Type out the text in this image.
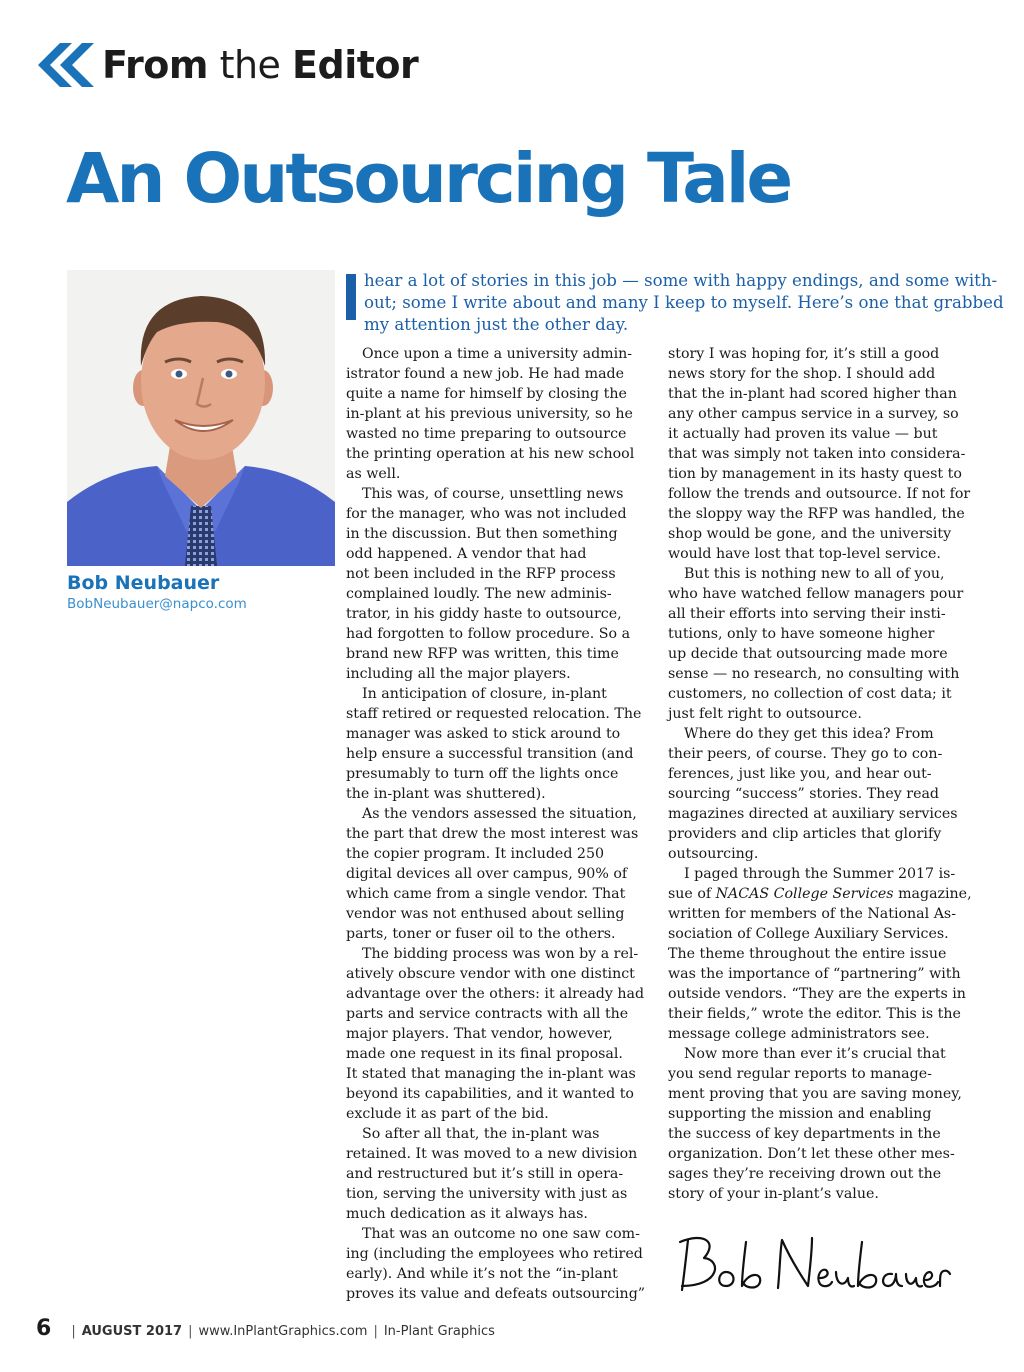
From the Editor
An Outsourcing Tale
Bob Neubauer
BobNeubauer@napco.com

hear a lot of stories in this job — some with happy endings, and some with-

out; some I write about and many I keep to myself. Here’s one that grabbed

my attention just the other day.

Once upon a time a university admin-

istrator found a new job. He had made

quite a name for himself by closing the

in-plant at his previous university, so he

wasted no time preparing to outsource

the printing operation at his new school

as well.

This was, of course, unsettling news

for the manager, who was not included

in the discussion. But then something

odd happened. A vendor that had

not been included in the RFP process

complained loudly. The new adminis-

trator, in his giddy haste to outsource,

had forgotten to follow procedure. So a

brand new RFP was written, this time

including all the major players.

In anticipation of closure, in-plant

staff retired or requested relocation. The

manager was asked to stick around to

help ensure a successful transition (and

presumably to turn off the lights once

the in-plant was shuttered).

As the vendors assessed the situation,

the part that drew the most interest was

the copier program. It included 250

digital devices all over campus, 90% of

which came from a single vendor. That

vendor was not enthused about selling

parts, toner or fuser oil to the others.

The bidding process was won by a rel-

atively obscure vendor with one distinct

advantage over the others: it already had

parts and service contracts with all the

major players. That vendor, however,

made one request in its final proposal.

It stated that managing the in-plant was

beyond its capabilities, and it wanted to

exclude it as part of the bid.

So after all that, the in-plant was

retained. It was moved to a new division

and restructured but it’s still in opera-

tion, serving the university with just as

much dedication as it always has.

That was an outcome no one saw com-

ing (including the employees who retired

early). And while it’s not the “in-plant

proves its value and defeats outsourcing”

story I was hoping for, it’s still a good

news story for the shop. I should add

that the in-plant had scored higher than

any other campus service in a survey, so

it actually had proven its value — but

that was simply not taken into considera-

tion by management in its hasty quest to

follow the trends and outsource. If not for

the sloppy way the RFP was handled, the

shop would be gone, and the university

would have lost that top-level service.

But this is nothing new to all of you,

who have watched fellow managers pour

all their efforts into serving their insti-

tutions, only to have someone higher

up decide that outsourcing made more

sense — no research, no consulting with

customers, no collection of cost data; it

just felt right to outsource.

Where do they get this idea? From

their peers, of course. They go to con-

ferences, just like you, and hear out-

sourcing “success” stories. They read

magazines directed at auxiliary services

providers and clip articles that glorify

outsourcing.

I paged through the Summer 2017 is-

sue of NACAS College Services magazine,

written for members of the National As-

sociation of College Auxiliary Services.

The theme throughout the entire issue

was the importance of “partnering” with

outside vendors. “They are the experts in

their fields,” wrote the editor. This is the

message college administrators see.

Now more than ever it’s crucial that

you send regular reports to manage-

ment proving that you are saving money,

supporting the mission and enabling

the success of key departments in the

organization. Don’t let these other mes-

sages they’re receiving drown out the

story of your in-plant’s value.

6 | AUGUST 2017 | www.InPlantGraphics.com | In-Plant Graphics
